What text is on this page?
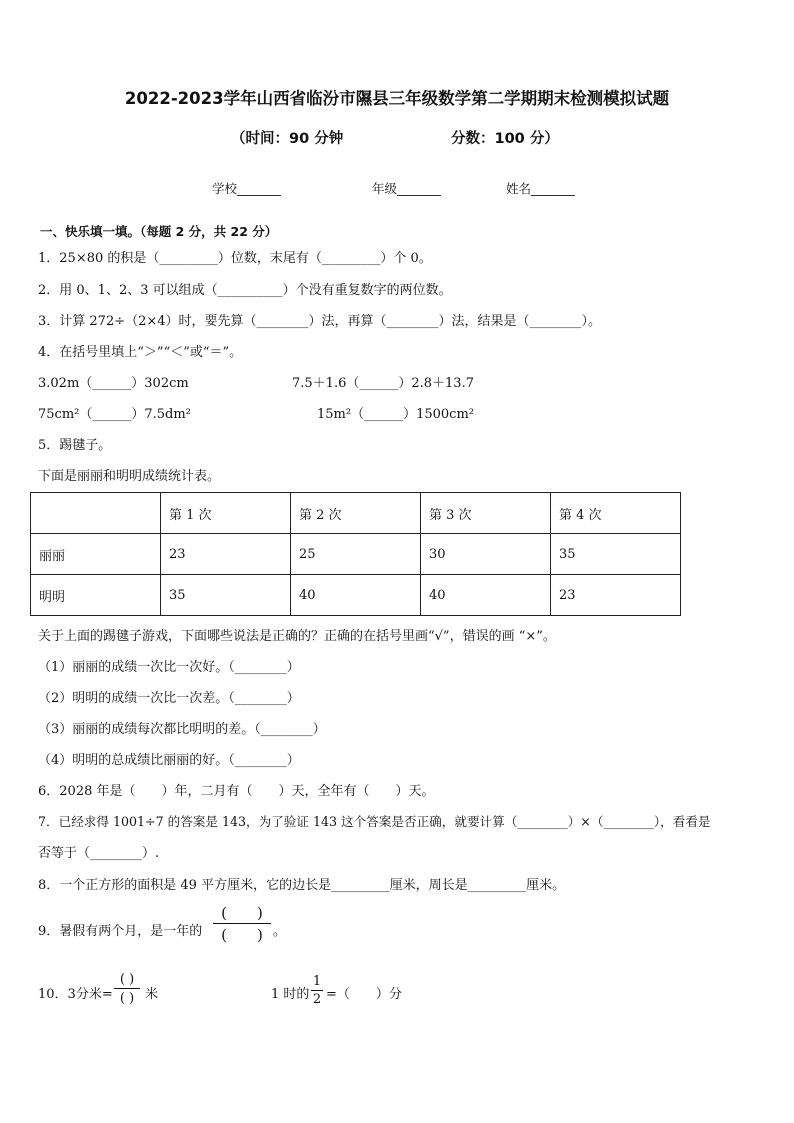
2022-2023学年山西省临汾市隰县三年级数学第二学期期末检测模拟试题
（时间：90 分钟	分数：100 分）
学校_______	年级_______	姓名_______
一、快乐填一填。（每题 2 分，共 22 分）
1．25×80 的积是（_________）位数，末尾有（_________）个 0。
2．用 0、1、2、3 可以组成（__________）个没有重复数字的两位数。
3．计算 272÷（2×4）时，要先算（________）法，再算（________）法，结果是（________）。
4．在括号里填上“＞”“＜”或“＝”。
3.02m（______）302cm	7.5＋1.6（______）2.8＋13.7
75cm²（______）7.5dm²	15m²（______）1500cm²
5．踢毽子。
下面是丽丽和明明成绩统计表。
	第 1 次	第 2 次	第 3 次	第 4 次
丽丽	23	25	30	35
明明	35	40	40	23
关于上面的踢毽子游戏，下面哪些说法是正确的？正确的在括号里画“√”，错误的画 “×”。
（1）丽丽的成绩一次比一次好。（________）
（2）明明的成绩一次比一次差。（________）
（3）丽丽的成绩每次都比明明的差。（________）
（4）明明的总成绩比丽丽的好。（________）
6．2028 年是（　　）年，二月有（　　）天，全年有（　　）天。
7．已经求得 1001÷7 的答案是 143，为了验证 143 这个答案是否正确，就要计算（________）×（________），看看是
否等于（________）.
8．一个正方形的面积是 49 平方厘米，它的边长是_________厘米，周长是_________厘米。
9．暑假有两个月，是一年的
(　　)
(　　) 。
10．3分米=
( )
( ) 米	1 时的 $\frac{1}{2}$ =（　　）分
